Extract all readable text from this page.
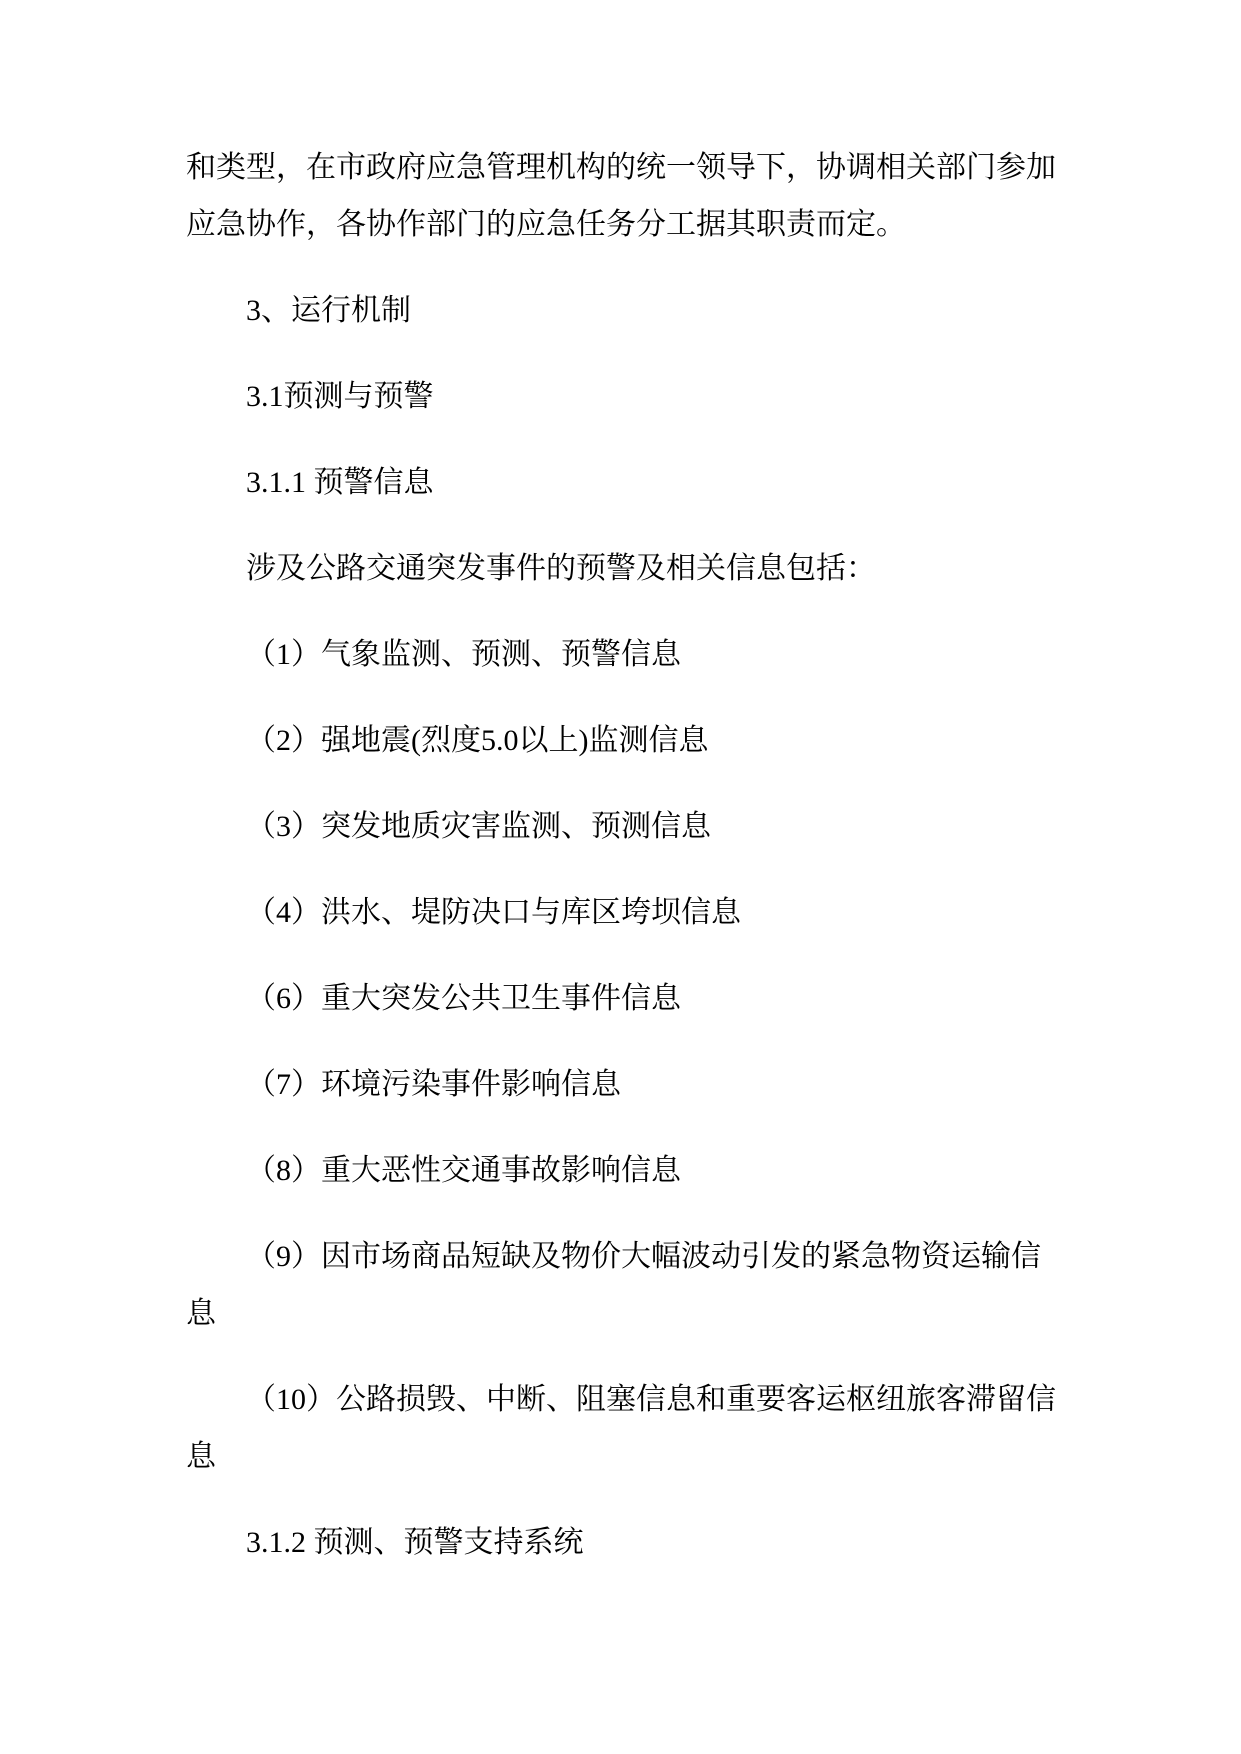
和类型，在市政府应急管理机构的统一领导下，协调相关部门参加应急协作，各协作部门的应急任务分工据其职责而定。

3、运行机制

3.1预测与预警

3.1.1 预警信息

涉及公路交通突发事件的预警及相关信息包括：

（1）气象监测、预测、预警信息

（2）强地震(烈度5.0以上)监测信息

（3）突发地质灾害监测、预测信息

（4）洪水、堤防决口与库区垮坝信息

（6）重大突发公共卫生事件信息

（7）环境污染事件影响信息

（8）重大恶性交通事故影响信息

（9）因市场商品短缺及物价大幅波动引发的紧急物资运输信息

（10）公路损毁、中断、阻塞信息和重要客运枢纽旅客滞留信息

3.1.2 预测、预警支持系统
